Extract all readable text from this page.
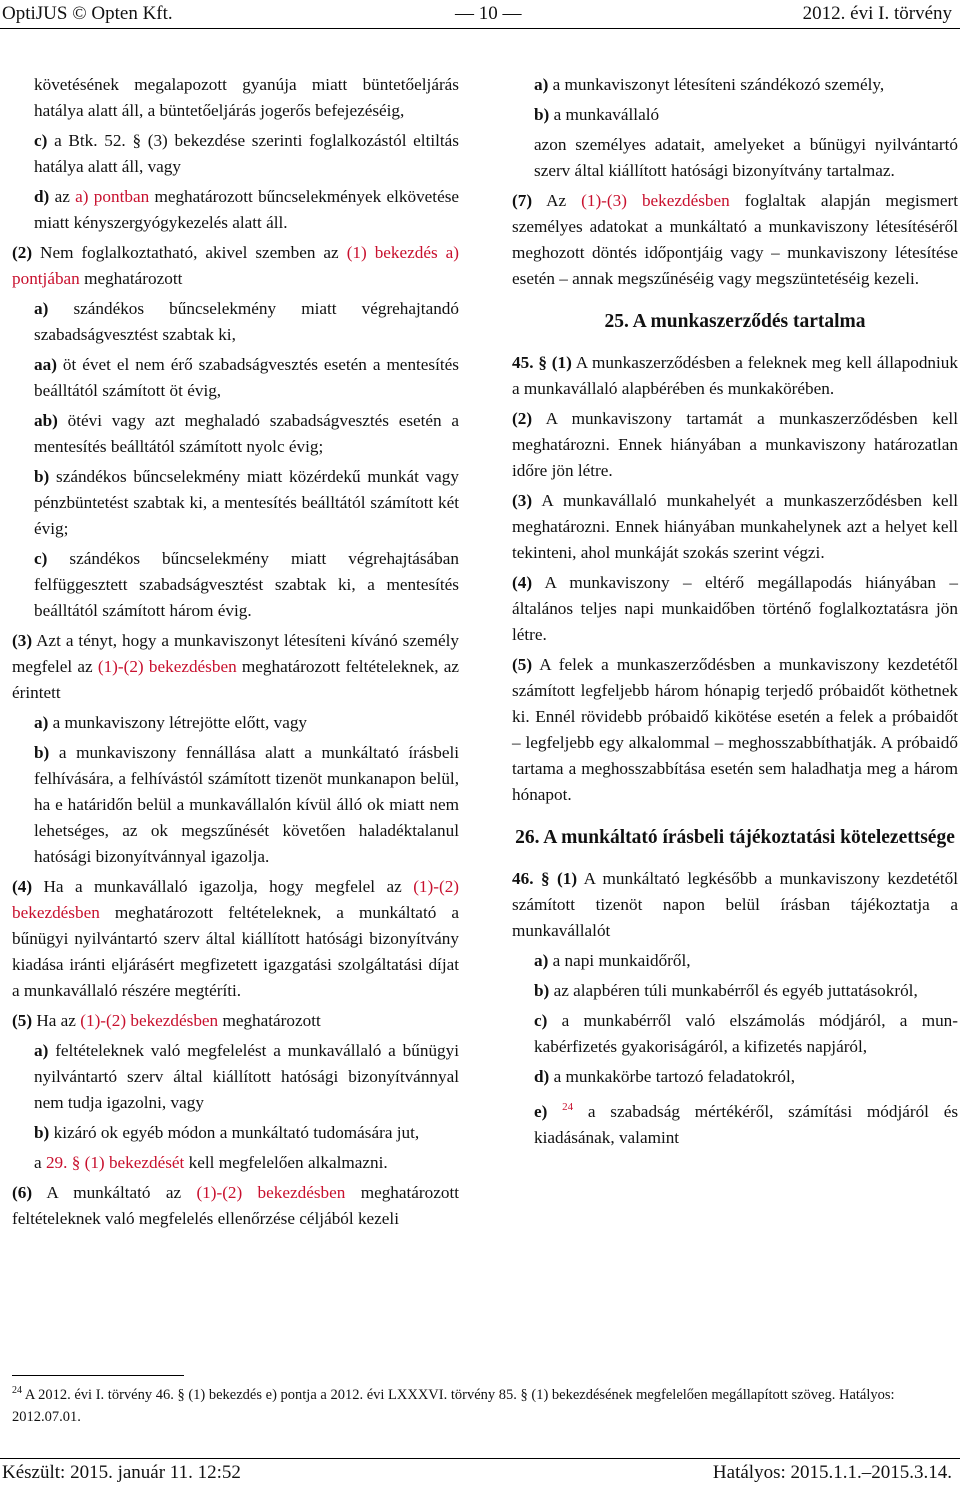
OptiJUS © Opten Kft.	— 10 —	2012. évi I. törvény

követésének megalapozott gyanúja miatt büntetőeljárás hatálya alatt áll, a büntetőeljárás jogerős befejezéséig,

c) a Btk. 52. § (3) bekezdése szerinti foglalkozástól eltiltás hatálya alatt áll, vagy

d) az a) pontban meghatározott bűncselekmények elkövetése miatt kényszergyógykezelés alatt áll.

(2) Nem foglalkoztatható, akivel szemben az (1) bekezdés a) pontjában meghatározott

a) szándékos bűncselekmény miatt végrehajtandó szabadságvesztést szabtak ki,

aa) öt évet el nem érő szabadságvesztés esetén a mentesítés beálltától számított öt évig,

ab) ötévi vagy azt meghaladó szabadságvesztés esetén a mentesítés beálltától számított nyolc évig;

b) szándékos bűncselekmény miatt közérdekű munkát vagy pénzbüntetést szabtak ki, a mentesítés beálltától számított két évig;

c) szándékos bűncselekmény miatt végrehajtásában felfüggesztett szabadságvesztést szabtak ki, a mentesítés beálltától számított három évig.

(3) Azt a tényt, hogy a munkaviszonyt létesíteni kívánó személy megfelel az (1)-(2) bekezdésben meghatározott feltételeknek, az érintett

a) a munkaviszony létrejötte előtt, vagy

b) a munkaviszony fennállása alatt a munkáltató írásbeli felhívására, a felhívástól számított tizenöt munkanapon belül, ha e határidőn belül a munkavállalón kívül álló ok miatt nem lehetséges, az ok megszűnését követően haladéktalanul hatósági bizonyítvánnyal igazolja.

(4) Ha a munkavállaló igazolja, hogy megfelel az (1)-(2) bekezdésben meghatározott feltételeknek, a munkáltató a bűnügyi nyilvántartó szerv által kiállított hatósági bizonyítvány kiadása iránti eljárásért megfizetett igazgatási szolgáltatási díjat a munkavállaló részére megtéríti.

(5) Ha az (1)-(2) bekezdésben meghatározott

a) feltételeknek való megfelelést a munkavállaló a bűnügyi nyilvántartó szerv által kiállított hatósági bizonyítvánnyal nem tudja igazolni, vagy

b) kizáró ok egyéb módon a munkáltató tudomására jut,

a 29. § (1) bekezdését kell megfelelően alkalmazni.

(6) A munkáltató az (1)-(2) bekezdésben meghatározott feltételeknek való megfelelés ellenőrzése céljából kezeli

a) a munkaviszonyt létesíteni szándékozó személy,

b) a munkavállaló

azon személyes adatait, amelyeket a bűnügyi nyilvántartó szerv által kiállított hatósági bizonyítvány tartalmaz.

(7) Az (1)-(3) bekezdésben foglaltak alapján megismert személyes adatokat a munkáltató a munkaviszony létesítéséről meghozott döntés időpontjáig vagy – munkaviszony létesítése esetén – annak megszűnéséig vagy megszüntetéséig kezeli.

25. A munkaszerződés tartalma

45. § (1) A munkaszerződésben a feleknek meg kell állapodniuk a munkavállaló alapbérében és munkakörében.

(2) A munkaviszony tartamát a munkaszerződésben kell meghatározni. Ennek hiányában a munkaviszony határozatlan időre jön létre.

(3) A munkavállaló munkahelyét a munkaszerződésben kell meghatározni. Ennek hiányában munkahelynek azt a helyet kell tekinteni, ahol munkáját szokás szerint végzi.

(4) A munkaviszony – eltérő megállapodás hiányában – általános teljes napi munkaidőben történő foglalkoztatásra jön létre.

(5) A felek a munkaszerződésben a munkaviszony kezdetétől számított legfeljebb három hónapig terjedő próbaidőt köthetnek ki. Ennél rövidebb próbaidő kikötése esetén a felek a próbaidőt – legfeljebb egy alkalommal – meghosszabbíthatják. A próbaidő tartama a meghosszabbítása esetén sem haladhatja meg a három hónapot.

26. A munkáltató írásbeli tájékoztatási kötelezettsége

46. § (1) A munkáltató legkésőbb a munkaviszony kezdetétől számított tizenöt napon belül írásban tájékoztatja a munkavállalót

a) a napi munkaidőről,

b) az alapbéren túli munkabérről és egyéb juttatásokról,

c) a munkabérről való elszámolás módjáról, a munkabérfizetés gyakoriságáról, a kifizetés napjáról,

d) a munkakörbe tartozó feladatokról,

e) $^{24}$ a szabadság mértékéről, számítási módjáról és kiadásának, valamint

$^{24}$ A 2012. évi I. törvény 46. § (1) bekezdés e) pontja a 2012. évi LXXXVI. törvény 85. § (1) bekezdésének megfelelően megállapított szöveg. Hatályos: 2012.07.01.
Készült: 2015. január 11. 12:52	Hatályos: 2015.1.1.–2015.3.14.
